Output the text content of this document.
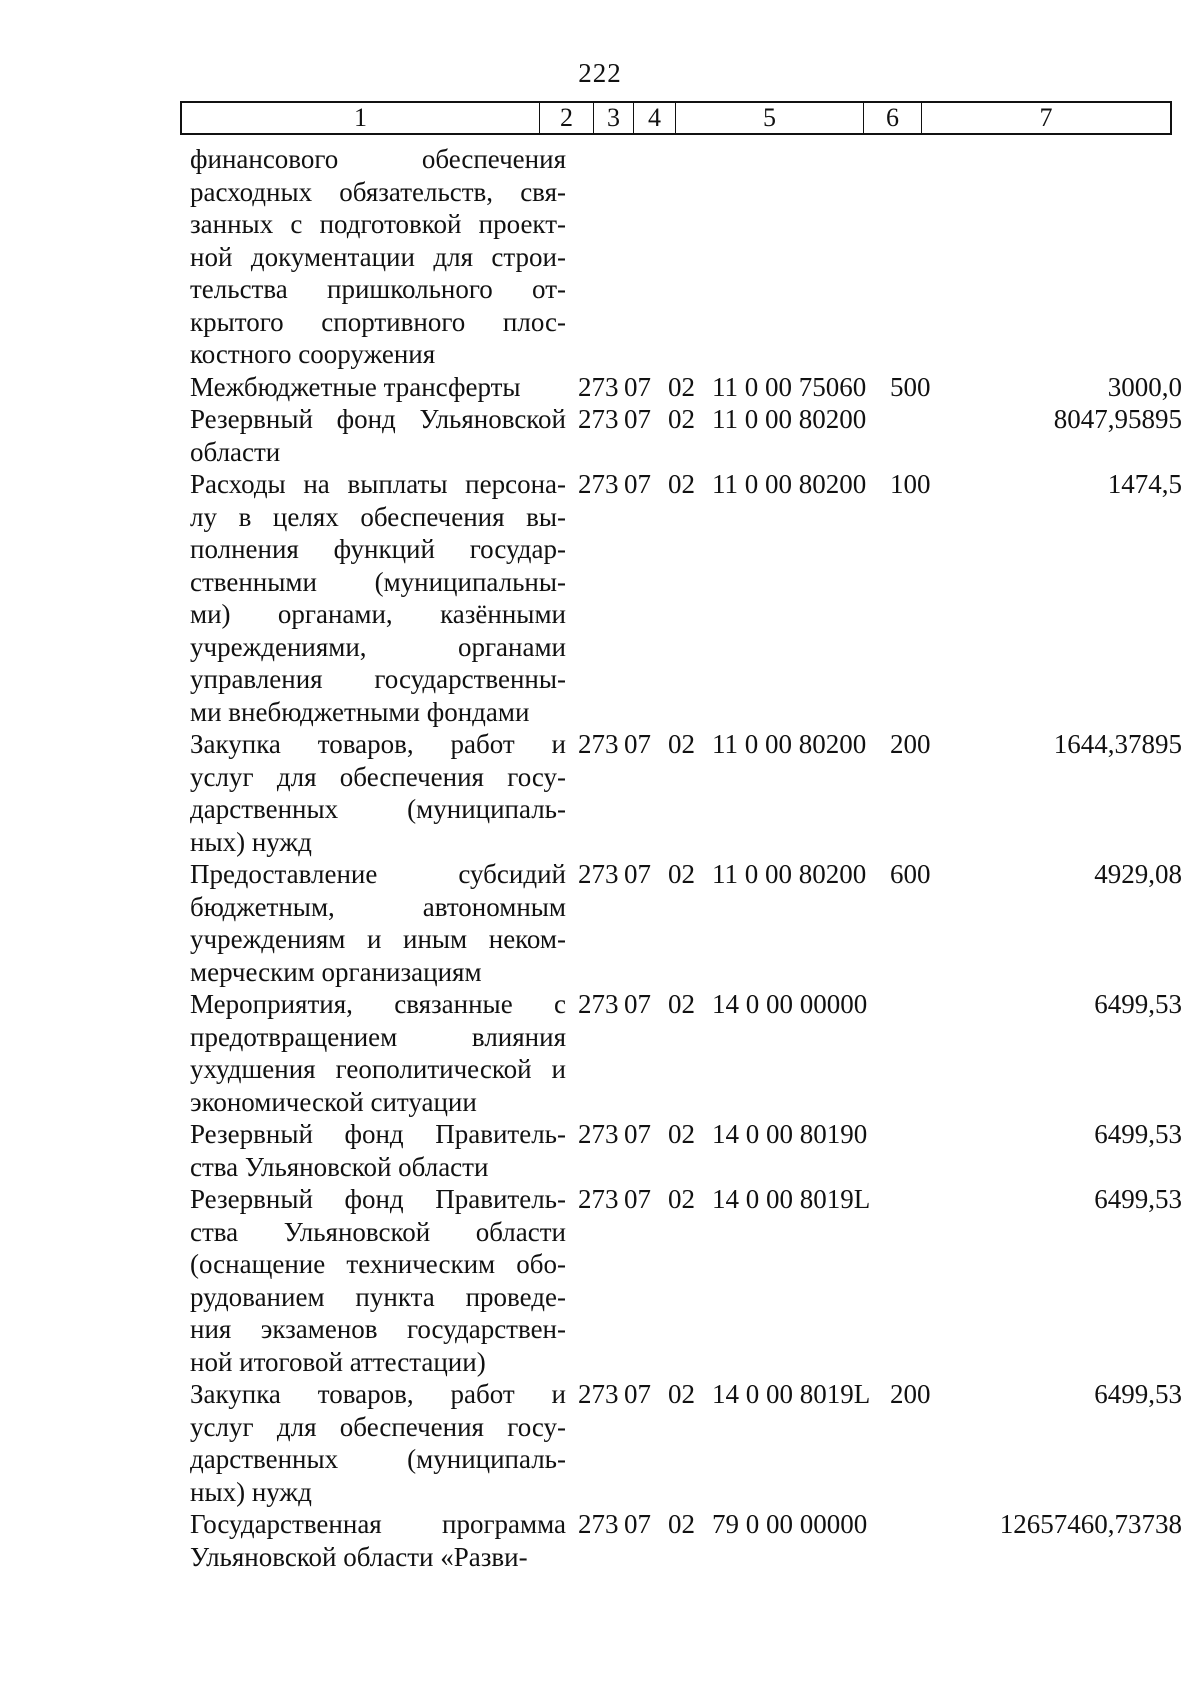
222
1	2	3	4	5	6	7
финансового обеспечения
расходных обязательств, свя-
занных с подготовкой проект-
ной документации для строи-
тельства пришкольного от-
крытого спортивного плос-
костного сооружения
Межбюджетные трансферты	273 07 02 11 0 00 75060 500	3000,0
Резервный фонд Ульяновской
области
273 07 02 11 0 00 80200	8047,95895
Расходы на выплаты персона-
лу в целях обеспечения вы-
полнения функций государ-
ственными (муниципальны-
ми) органами, казёнными
учреждениями, органами
управления государственны-
ми внебюджетными фондами
273 07 02 11 0 00 80200 100	1474,5
Закупка товаров, работ и
услуг для обеспечения госу-
дарственных (муниципаль-
ных) нужд
273 07 02 11 0 00 80200 200	1644,37895
Предоставление субсидий
бюджетным, автономным
учреждениям и иным неком-
мерческим организациям
273 07 02 11 0 00 80200 600	4929,08
Мероприятия, связанные с
предотвращением влияния
ухудшения геополитической и
экономической ситуации
273 07 02 14 0 00 00000	6499,53
Резервный фонд Правитель-
ства Ульяновской области
273 07 02 14 0 00 80190	6499,53
Резервный фонд Правитель-
ства Ульяновской области
(оснащение техническим обо-
рудованием пункта проведе-
ния экзаменов государствен-
ной итоговой аттестации)
273 07 02 14 0 00 8019L	6499,53
Закупка товаров, работ и
услуг для обеспечения госу-
дарственных (муниципаль-
ных) нужд
273 07 02 14 0 00 8019L 200	6499,53
Государственная программа
Ульяновской области «Разви-
273 07 02 79 0 00 00000	12657460,73738
